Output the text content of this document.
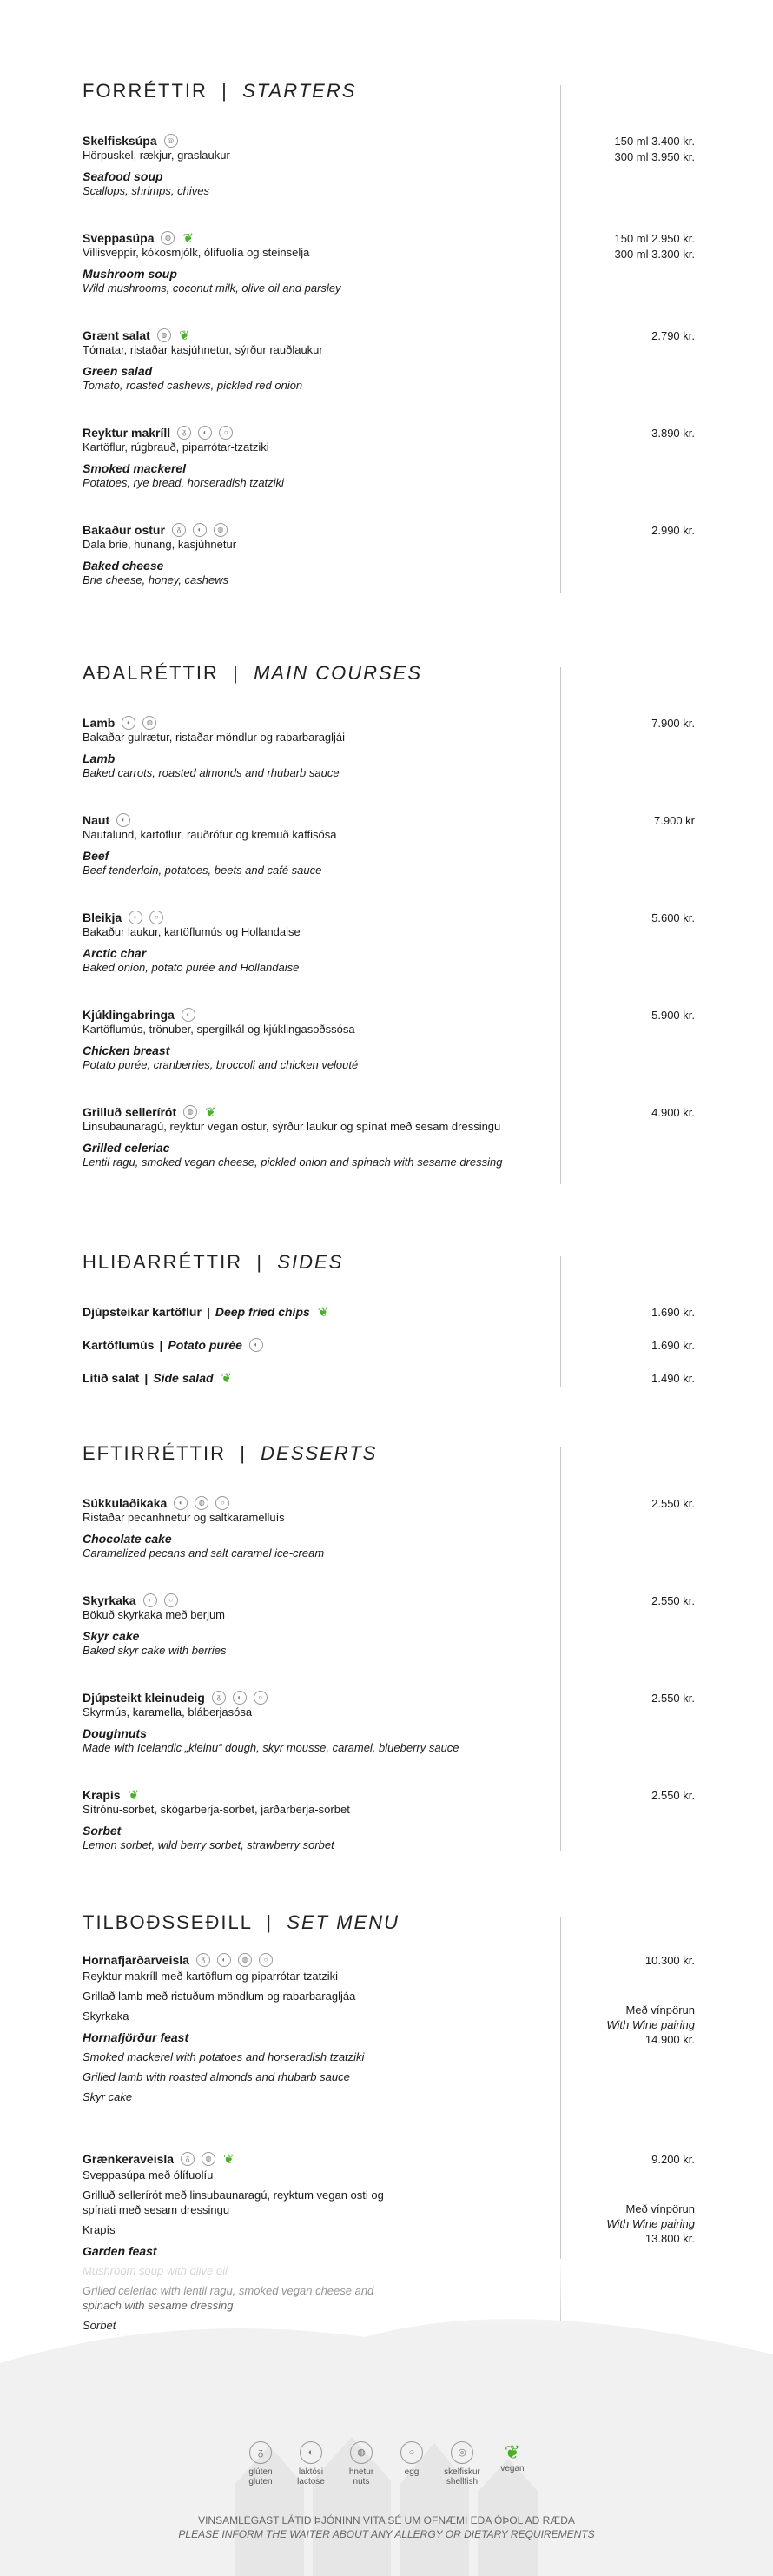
FORRÉTTIR  |  STARTERS
Skelfisksúpa	◎
Hörpuskel, rækjur, graslaukur
Seafood soup
Scallops, shrimps, chives
150 ml 3.400 kr.
300 ml 3.950 kr.
Sveppasúpa	◍ ❦
Villisveppir, kókosmjólk, ólífuolía og steinselja
Mushroom soup
Wild mushrooms, coconut milk, olive oil and parsley
150 ml 2.950 kr.
300 ml 3.300 kr.
Grænt salat	◍ ❦
Tómatar, ristaðar kasjúhnetur, sýrður rauðlaukur
Green salad
Tomato, roasted cashews, pickled red onion
2.790 kr.
Reyktur makríll	ᵹ	◐	○
Kartöflur, rúgbrauð, piparrótar-tzatziki
Smoked mackerel
Potatoes, rye bread, horseradish tzatziki
3.890 kr.
Bakaður ostur	ᵹ	◐	◍
Dala brie, hunang, kasjúhnetur
Baked cheese
Brie cheese, honey, cashews
2.990 kr.
AÐALRÉTTIR  |  MAIN COURSES
Lamb	◐	◍
Bakaðar gulrætur, ristaðar möndlur og rabarbaragljái
Lamb
Baked carrots, roasted almonds and rhubarb sauce
7.900 kr.
Naut	◐
Nautalund, kartöflur, rauðrófur og kremuð kaffisósa
Beef
Beef tenderloin, potatoes, beets and café sauce
7.900 kr
Bleikja	◐	○
Bakaður laukur, kartöflumús og Hollandaise
Arctic char
Baked onion, potato purée and Hollandaise
5.600 kr.
Kjúklingabringa	◐
Kartöflumús, trönuber, spergilkál og kjúklingasoðssósa
Chicken breast
Potato purée, cranberries, broccoli and chicken velouté
5.900 kr.
Grilluð sellerírót	◍ ❦
Linsubaunaragú, reyktur vegan ostur, sýrður laukur og spínat með sesam dressingu
Grilled celeriac
Lentil ragu, smoked vegan cheese, pickled onion and spinach with sesame dressing
4.900 kr.
HLIÐARRÉTTIR  |  SIDES
Djúpsteikar kartöflur | Deep fried chips ❦	1.690 kr.
Kartöflumús | Potato purée	◐	1.690 kr.
Lítið salat | Side salad ❦	1.490 kr.
EFTIRRÉTTIR  |  DESSERTS
Súkkulaðikaka	◐	◍	○
Ristaðar pecanhnetur og saltkaramelluís
Chocolate cake
Caramelized pecans and salt caramel ice-cream
2.550 kr.
Skyrkaka	◐	○
Bökuð skyrkaka með berjum
Skyr cake
Baked skyr cake with berries
2.550 kr.
Djúpsteikt kleinudeig	ᵹ	◐	○
Skyrmús, karamella, bláberjasósa
Doughnuts
Made with Icelandic „kleinu“ dough, skyr mousse, caramel, blueberry sauce
2.550 kr.
Krapís ❦
Sítrónu-sorbet, skógarberja-sorbet, jarðarberja-sorbet
Sorbet
Lemon sorbet, wild berry sorbet, strawberry sorbet
2.550 kr.
TILBOÐSSEÐILL  |  SET MENU
Hornafjarðarveisla	ᵹ	◐	◍	○
Reyktur makríll með kartöflum og piparrótar-tzatziki
Grillað lamb með ristuðum möndlum og rabarbaragljáa
Skyrkaka
Hornafjörður feast
Smoked mackerel with potatoes and horseradish tzatziki
Grilled lamb with roasted almonds and rhubarb sauce
Skyr cake
10.300 kr.
Með vínpörun
With Wine pairing
14.900 kr.
Grænkeraveisla	ᵹ	◍ ❦
Sveppasúpa með ólífuolíu
Grilluð sellerírót með linsubaunaragú, reyktum vegan osti og spínati með sesam dressingu
Krapís
Garden feast
9.200 kr.
Með vínpörun
With Wine pairing
13.800 kr.
ᵹ
glúten
gluten
◐
laktósi
lactose
◍
hnetur
nuts
○
egg
◎
skelfiskur
shellfish
❦
vegan
VINSAMLEGAST LÁTIÐ ÞJÓNINN VITA SÉ UM OFNÆMI EÐA ÓÞOL AÐ RÆÐA
PLEASE INFORM THE WAITER ABOUT ANY ALLERGY OR DIETARY REQUIREMENTS
